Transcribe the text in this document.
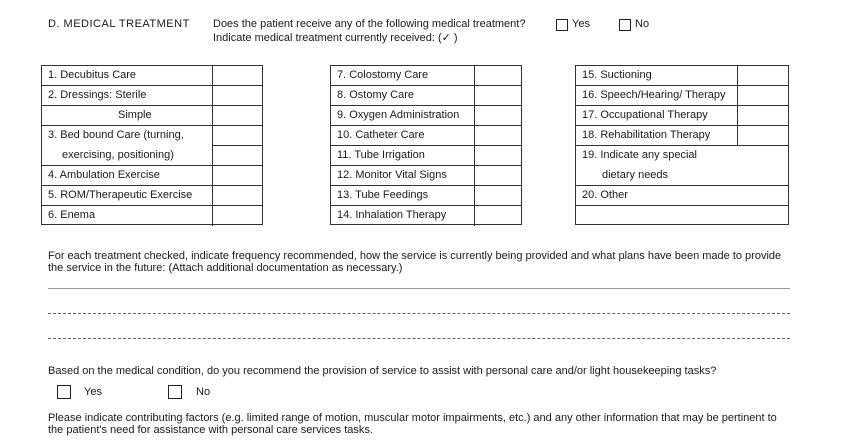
D. MEDICAL TREATMENT Does the patient receive any of the following medical treatment?
Indicate medical treatment currently received: (✓ )
Yes	No
1. Decubitus Care
2. Dressings: Sterile
Simple
3. Bed bound Care (turning,
exercising, positioning)
4. Ambulation Exercise
5. ROM/Therapeutic Exercise
6. Enema
7. Colostomy Care
8. Ostomy Care
9. Oxygen Administration
10. Catheter Care
11. Tube Irrigation
12. Monitor Vital Signs
13. Tube Feedings
14. Inhalation Therapy
15. Suctioning
16. Speech/Hearing/ Therapy
17. Occupational Therapy
18. Rehabilitation Therapy
19. Indicate any special
dietary needs
20. Other
For each treatment checked, indicate frequency recommended, how the service is currently being provided and what plans have been made to provide the service in the future: (Attach additional documentation as necessary.)
Based on the medical condition, do you recommend the provision of service to assist with personal care and/or light housekeeping tasks?
Yes	No
Please indicate contributing factors (e.g. limited range of motion, muscular motor impairments, etc.) and any other information that may be pertinent to the patient's need for assistance with personal care services tasks.
